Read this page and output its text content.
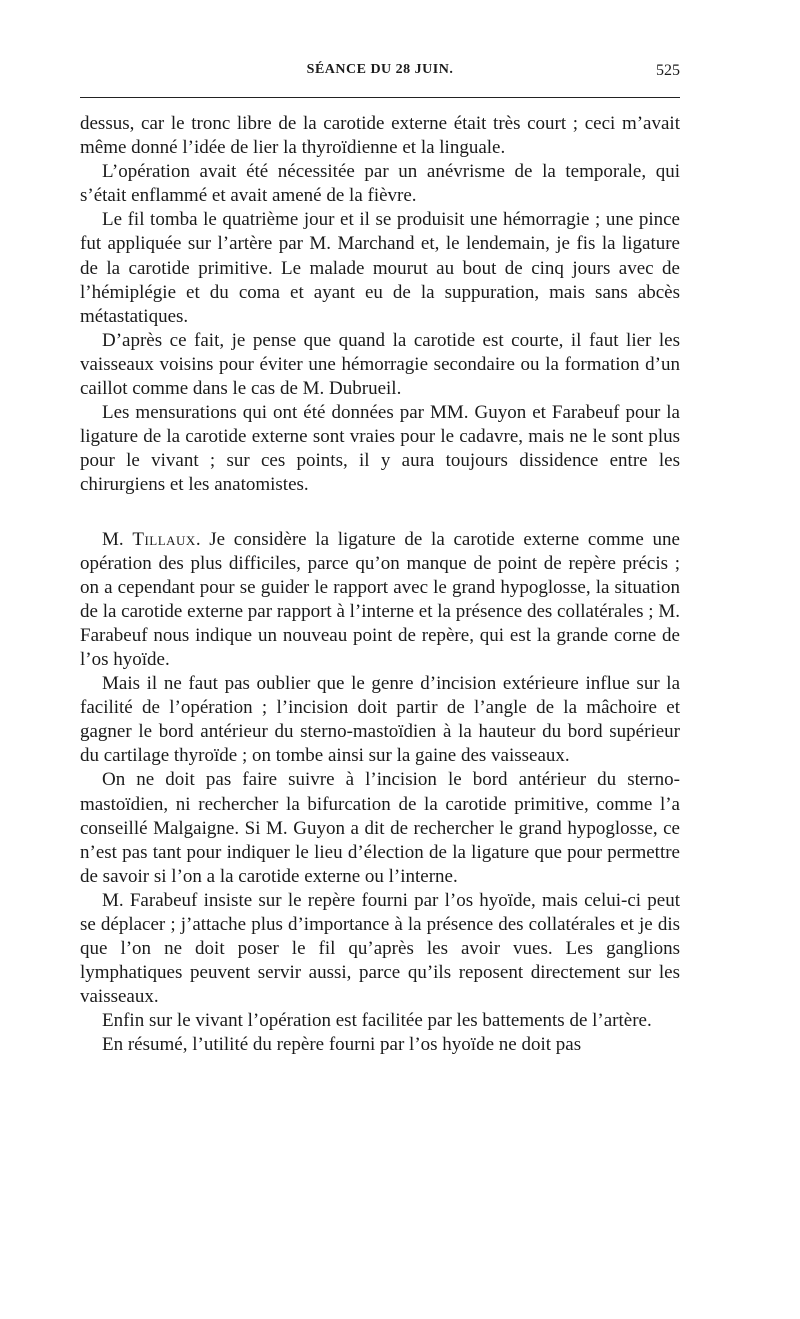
SÉANCE DU 28 JUIN.	525

dessus, car le tronc libre de la carotide externe était très court ; ceci m’avait même donné l’idée de lier la thyroïdienne et la linguale.

L’opération avait été nécessitée par un anévrisme de la temporale, qui s’était enflammé et avait amené de la fièvre.

Le fil tomba le quatrième jour et il se produisit une hémorragie ; une pince fut appliquée sur l’artère par M. Marchand et, le lendemain, je fis la ligature de la carotide primitive. Le malade mourut au bout de cinq jours avec de l’hémiplégie et du coma et ayant eu de la suppuration, mais sans abcès métastatiques.

D’après ce fait, je pense que quand la carotide est courte, il faut lier les vaisseaux voisins pour éviter une hémorragie secondaire ou la formation d’un caillot comme dans le cas de M. Dubrueil.

Les mensurations qui ont été données par MM. Guyon et Farabeuf pour la ligature de la carotide externe sont vraies pour le cadavre, mais ne le sont plus pour le vivant ; sur ces points, il y aura toujours dissidence entre les chirurgiens et les anatomistes.

M. Tillaux. Je considère la ligature de la carotide externe comme une opération des plus difficiles, parce qu’on manque de point de repère précis ; on a cependant pour se guider le rapport avec le grand hypoglosse, la situation de la carotide externe par rapport à l’interne et la présence des collatérales ; M. Farabeuf nous indique un nouveau point de repère, qui est la grande corne de l’os hyoïde.

Mais il ne faut pas oublier que le genre d’incision extérieure influe sur la facilité de l’opération ; l’incision doit partir de l’angle de la mâchoire et gagner le bord antérieur du sterno-mastoïdien à la hauteur du bord supérieur du cartilage thyroïde ; on tombe ainsi sur la gaine des vaisseaux.

On ne doit pas faire suivre à l’incision le bord antérieur du sterno-mastoïdien, ni rechercher la bifurcation de la carotide primitive, comme l’a conseillé Malgaigne. Si M. Guyon a dit de rechercher le grand hypoglosse, ce n’est pas tant pour indiquer le lieu d’élection de la ligature que pour permettre de savoir si l’on a la carotide externe ou l’interne.

M. Farabeuf insiste sur le repère fourni par l’os hyoïde, mais celui-ci peut se déplacer ; j’attache plus d’importance à la présence des collatérales et je dis que l’on ne doit poser le fil qu’après les avoir vues. Les ganglions lymphatiques peuvent servir aussi, parce qu’ils reposent directement sur les vaisseaux.

Enfin sur le vivant l’opération est facilitée par les battements de l’artère.

En résumé, l’utilité du repère fourni par l’os hyoïde ne doit pas
